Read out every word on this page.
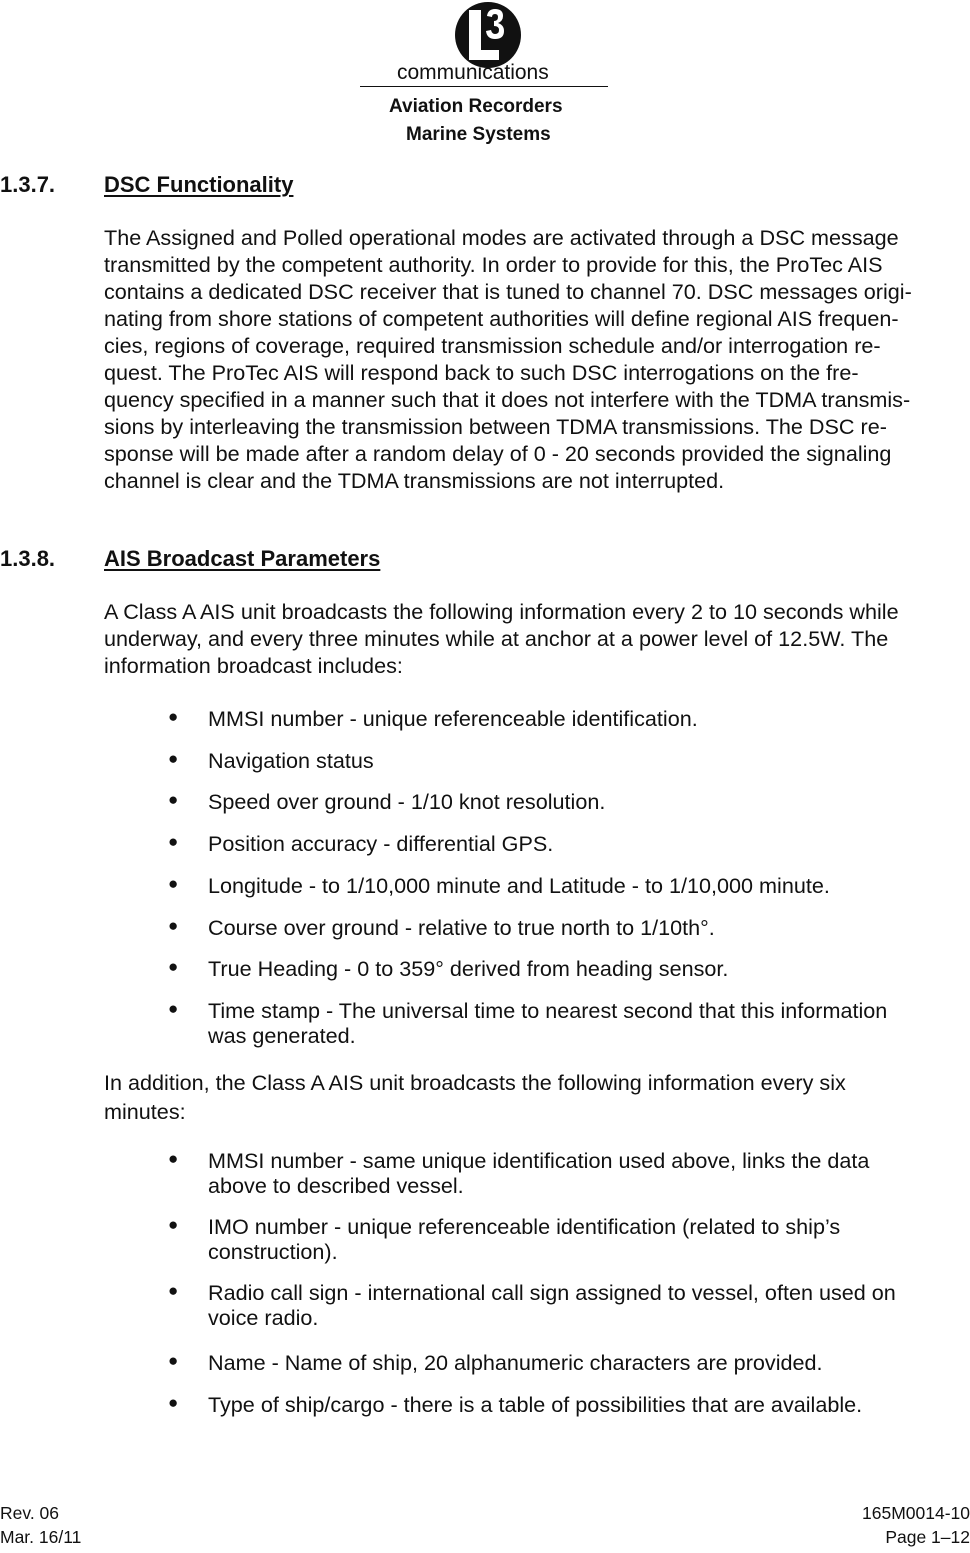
communications
Aviation Recorders
Marine Systems
1.3.7. DSC Functionality
The Assigned and Polled operational modes are activated through a DSC message
transmitted by the competent authority. In order to provide for this, the ProTec AIS
contains a dedicated DSC receiver that is tuned to channel 70. DSC messages origi-
nating from shore stations of competent authorities will define regional AIS frequen-
cies, regions of coverage, required transmission schedule and/or interrogation re-
quest. The ProTec AIS will respond back to such DSC interrogations on the fre-
quency specified in a manner such that it does not interfere with the TDMA transmis-
sions by interleaving the transmission between TDMA transmissions. The DSC re-
sponse will be made after a random delay of 0 - 20 seconds provided the signaling
channel is clear and the TDMA transmissions are not interrupted.
1.3.8. AIS Broadcast Parameters
A Class A AIS unit broadcasts the following information every 2 to 10 seconds while
underway, and every three minutes while at anchor at a power level of 12.5W. The
information broadcast includes:
● MMSI number - unique referenceable identification.
● Navigation status
● Speed over ground - 1/10 knot resolution.
● Position accuracy - differential GPS.
● Longitude - to 1/10,000 minute and Latitude - to 1/10,000 minute.
● Course over ground - relative to true north to 1/10th°.
● True Heading - 0 to 359° derived from heading sensor.
● Time stamp - The universal time to nearest second that this information
was generated.
In addition, the Class A AIS unit broadcasts the following information every six
minutes:
● MMSI number - same unique identification used above, links the data
above to described vessel.
● IMO number - unique referenceable identification (related to ship’s
construction).
● Radio call sign - international call sign assigned to vessel, often used on
voice radio.
● Name - Name of ship, 20 alphanumeric characters are provided.
● Type of ship/cargo - there is a table of possibilities that are available.
Rev. 06
Mar. 16/11
165M0014-10
Page 1–12
